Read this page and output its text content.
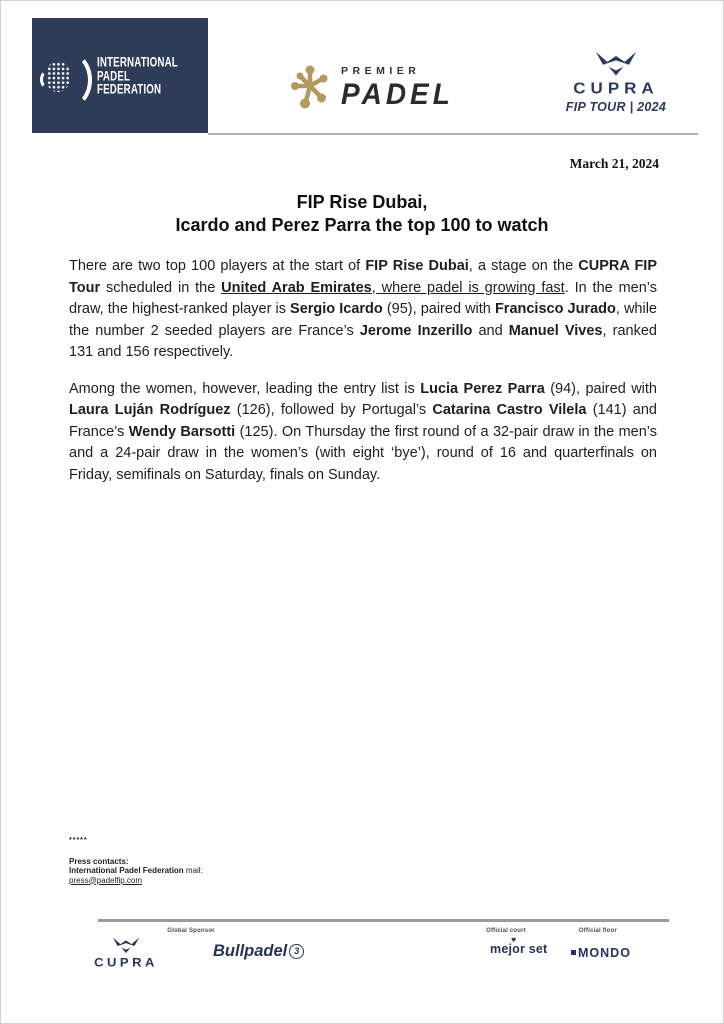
INTERNATIONAL
PADEL
FEDERATION
PREMIER
PADEL	CUPRA
FIP TOUR | 2024
March 21, 2024
FIP Rise Dubai,
Icardo and Perez Parra the top 100 to watch

There are two top 100 players at the start of FIP Rise Dubai, a stage on the CUPRA FIP Tour scheduled in the United Arab Emirates, where padel is growing fast. In the men’s draw, the highest-ranked player is Sergio Icardo (95), paired with Francisco Jurado, while the number 2 seeded players are France’s Jerome Inzerillo and Manuel Vives, ranked 131 and 156 respectively.

Among the women, however, leading the entry list is Lucia Perez Parra (94), paired with Laura Luján Rodríguez (126), followed by Portugal’s Catarina Castro Vilela (141) and France’s Wendy Barsotti (125). On Thursday the first round of a 32-pair draw in the men’s and a 24-pair draw in the women’s (with eight ‘bye’), round of 16 and quarterfinals on Friday, semifinals on Saturday, finals on Sunday.

*****
Press contacts:
International Padel Federation mail:
press@padelfip.com
Global Sponsor	Official court	Official floor
CUPRA
Bullpadel 3
♥
mejor set	MONDO
